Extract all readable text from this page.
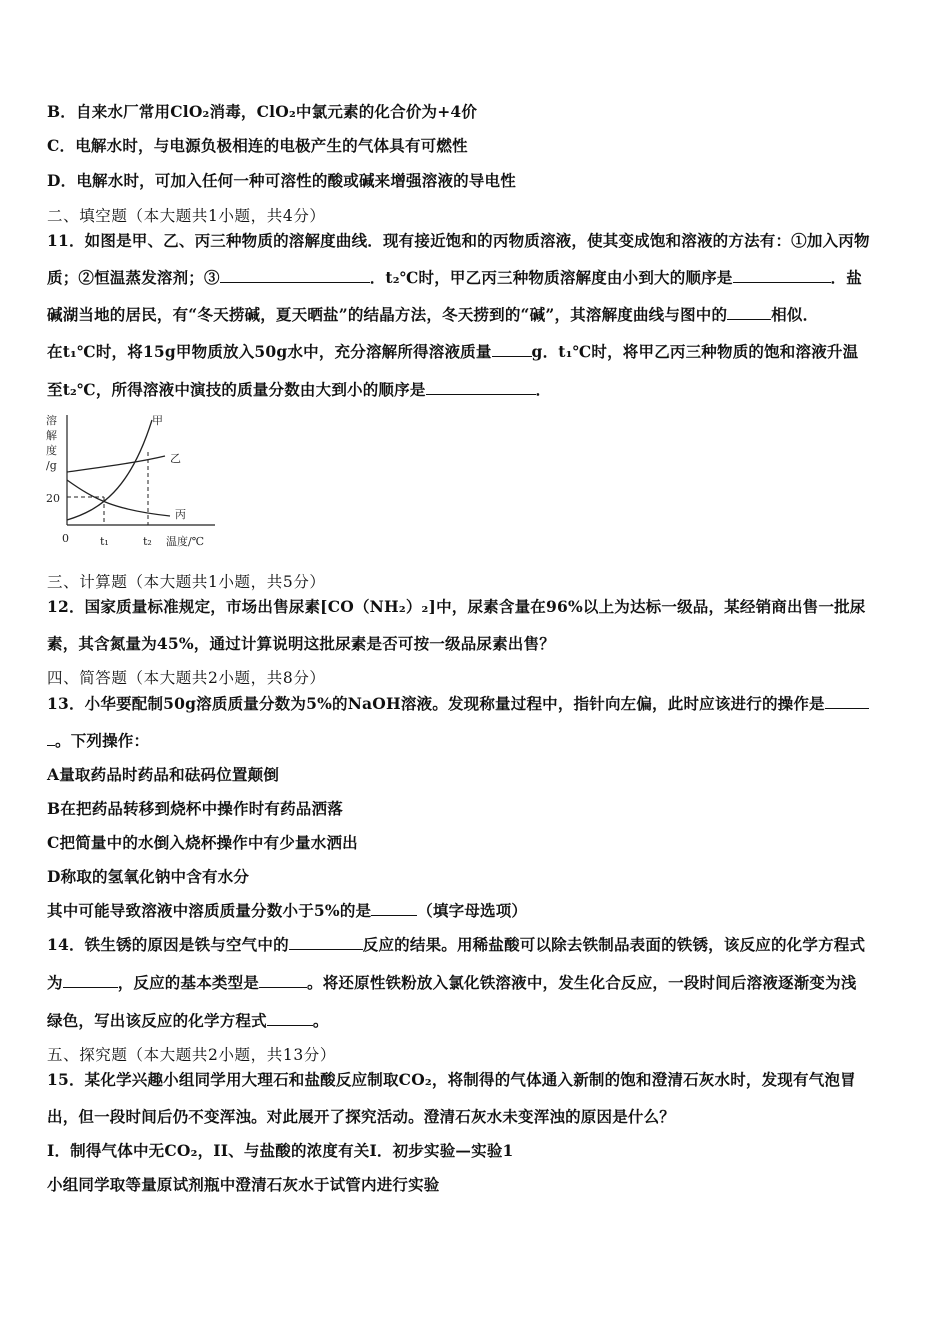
B．自来水厂常用ClO₂消毒，ClO₂中氯元素的化合价为+4价
C．电解水时，与电源负极相连的电极产生的气体具有可燃性
D．电解水时，可加入任何一种可溶性的酸或碱来增强溶液的导电性
二、填空题（本大题共1小题，共4分）
11．如图是甲、乙、丙三种物质的溶解度曲线．现有接近饱和的丙物质溶液，使其变成饱和溶液的方法有：①加入丙物
质；②恒温蒸发溶剂；③	．t₂℃时，甲乙丙三种物质溶解度由小到大的顺序是	．盐
碱湖当地的居民，有“冬天捞碱，夏天晒盐”的结晶方法，冬天捞到的“碱”，其溶解度曲线与图中的	相似．
在t₁℃时，将15g甲物质放入50g水中，充分溶解所得溶液质量	g．t₁℃时，将甲乙丙三种物质的饱和溶液升温
至t₂℃，所得溶液中演技的质量分数由大到小的顺序是	．
溶
解
度
/g
20
0
甲
乙
丙
t₁	t₂ 温度/℃
三、计算题（本大题共1小题，共5分）
12．国家质量标准规定，市场出售尿素[CO（NH₂）₂]中，尿素含量在96%以上为达标一级品，某经销商出售一批尿
素，其含氮量为45%，通过计算说明这批尿素是否可按一级品尿素出售？
四、简答题（本大题共2小题，共8分）
13．小华要配制50g溶质质量分数为5%的NaOH溶液。发现称量过程中，指针向左偏，此时应该进行的操作是
。下列操作：
A量取药品时药品和砝码位置颠倒
B在把药品转移到烧杯中操作时有药品洒落
C把简量中的水倒入烧杯操作中有少量水洒出
D称取的氢氧化钠中含有水分
其中可能导致溶液中溶质质量分数小于5%的是	（填字母选项）
14．铁生锈的原因是铁与空气中的	反应的结果。用稀盐酸可以除去铁制品表面的铁锈，该反应的化学方程式
为	，反应的基本类型是	。将还原性铁粉放入氯化铁溶液中，发生化合反应，一段时间后溶液逐渐变为浅
绿色，写出该反应的化学方程式	。
五、探究题（本大题共2小题，共13分）
15．某化学兴趣小组同学用大理石和盐酸反应制取CO₂，将制得的气体通入新制的饱和澄清石灰水时，发现有气泡冒
出，但一段时间后仍不变浑浊。对此展开了探究活动。澄清石灰水未变浑浊的原因是什么？
I．制得气体中无CO₂，II、与盐酸的浓度有关I．初步实验—实验1
小组同学取等量原试剂瓶中澄清石灰水于试管内进行实验
